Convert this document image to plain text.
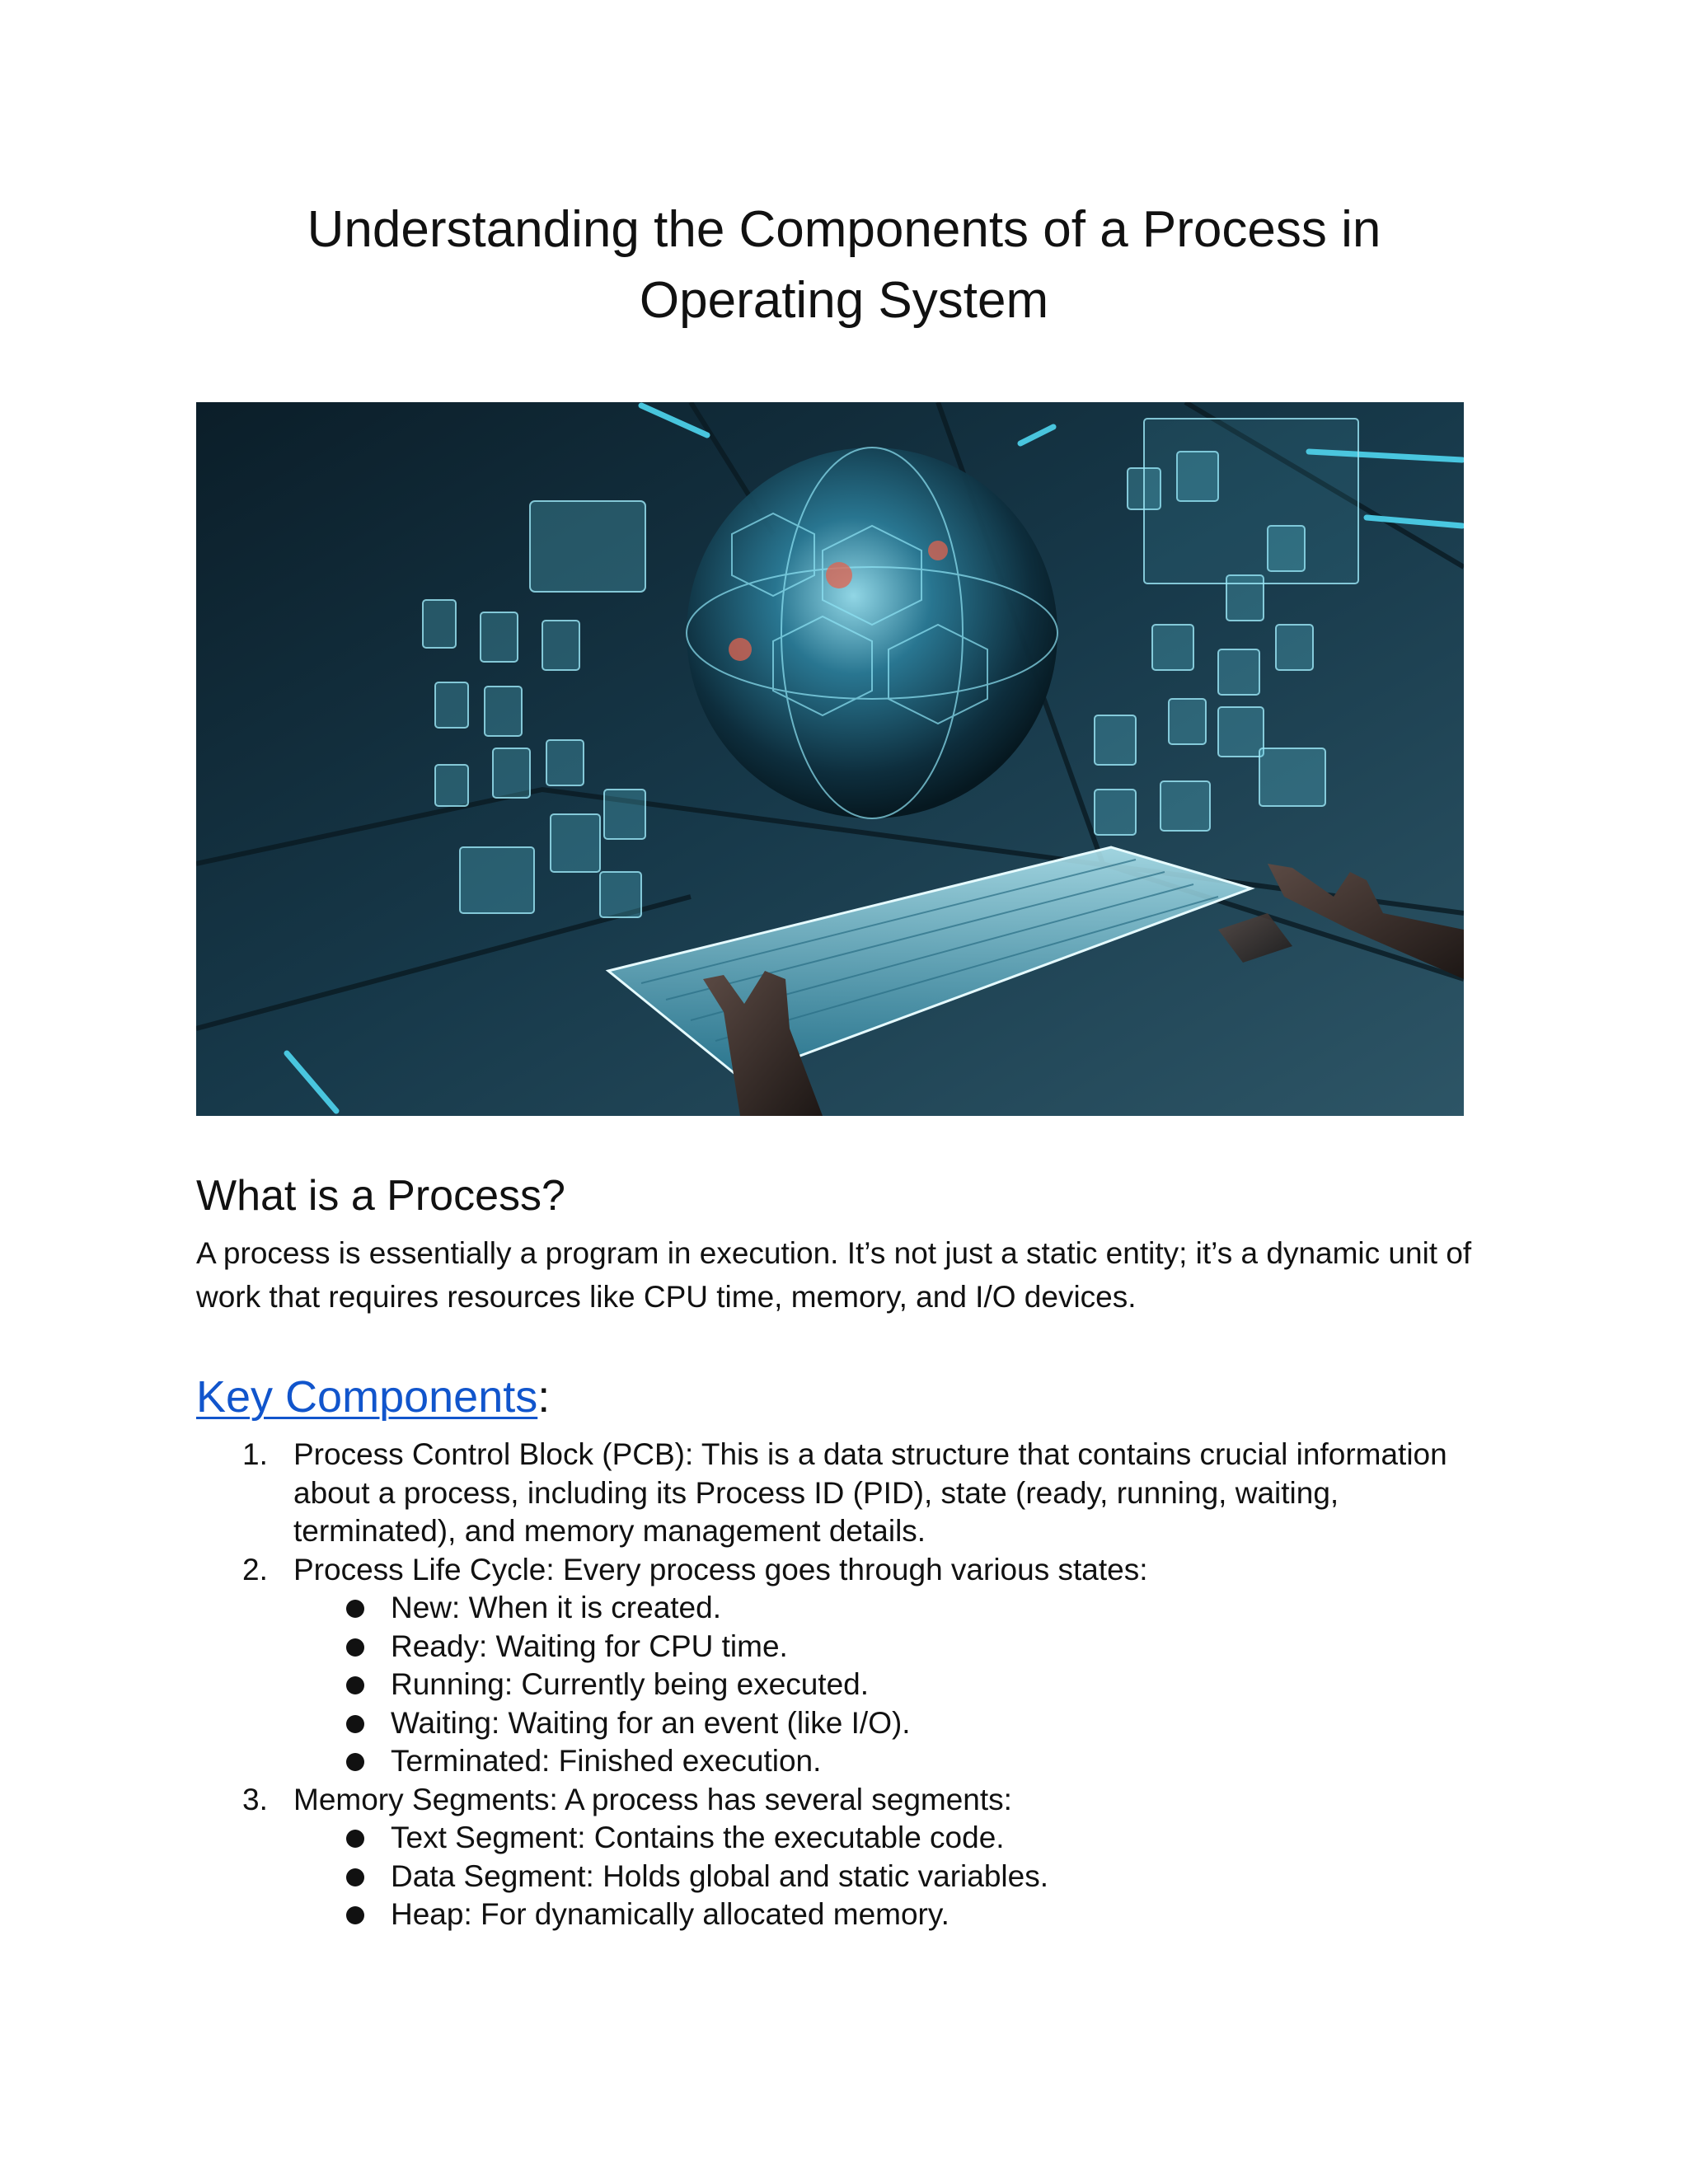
Understanding the Components of a Process in
Operating System
What is a Process?
A process is essentially a program in execution. It’s not just a static entity; it’s a dynamic unit of work that requires resources like CPU time, memory, and I/O devices.
Key Components:
1. Process Control Block (PCB): This is a data structure that contains crucial information about a process, including its Process ID (PID), state (ready, running, waiting, terminated), and memory management details.
2. Process Life Cycle: Every process goes through various states:
New: When it is created.
Ready: Waiting for CPU time.
Running: Currently being executed.
Waiting: Waiting for an event (like I/O).
Terminated: Finished execution.
3. Memory Segments: A process has several segments:
Text Segment: Contains the executable code.
Data Segment: Holds global and static variables.
Heap: For dynamically allocated memory.
